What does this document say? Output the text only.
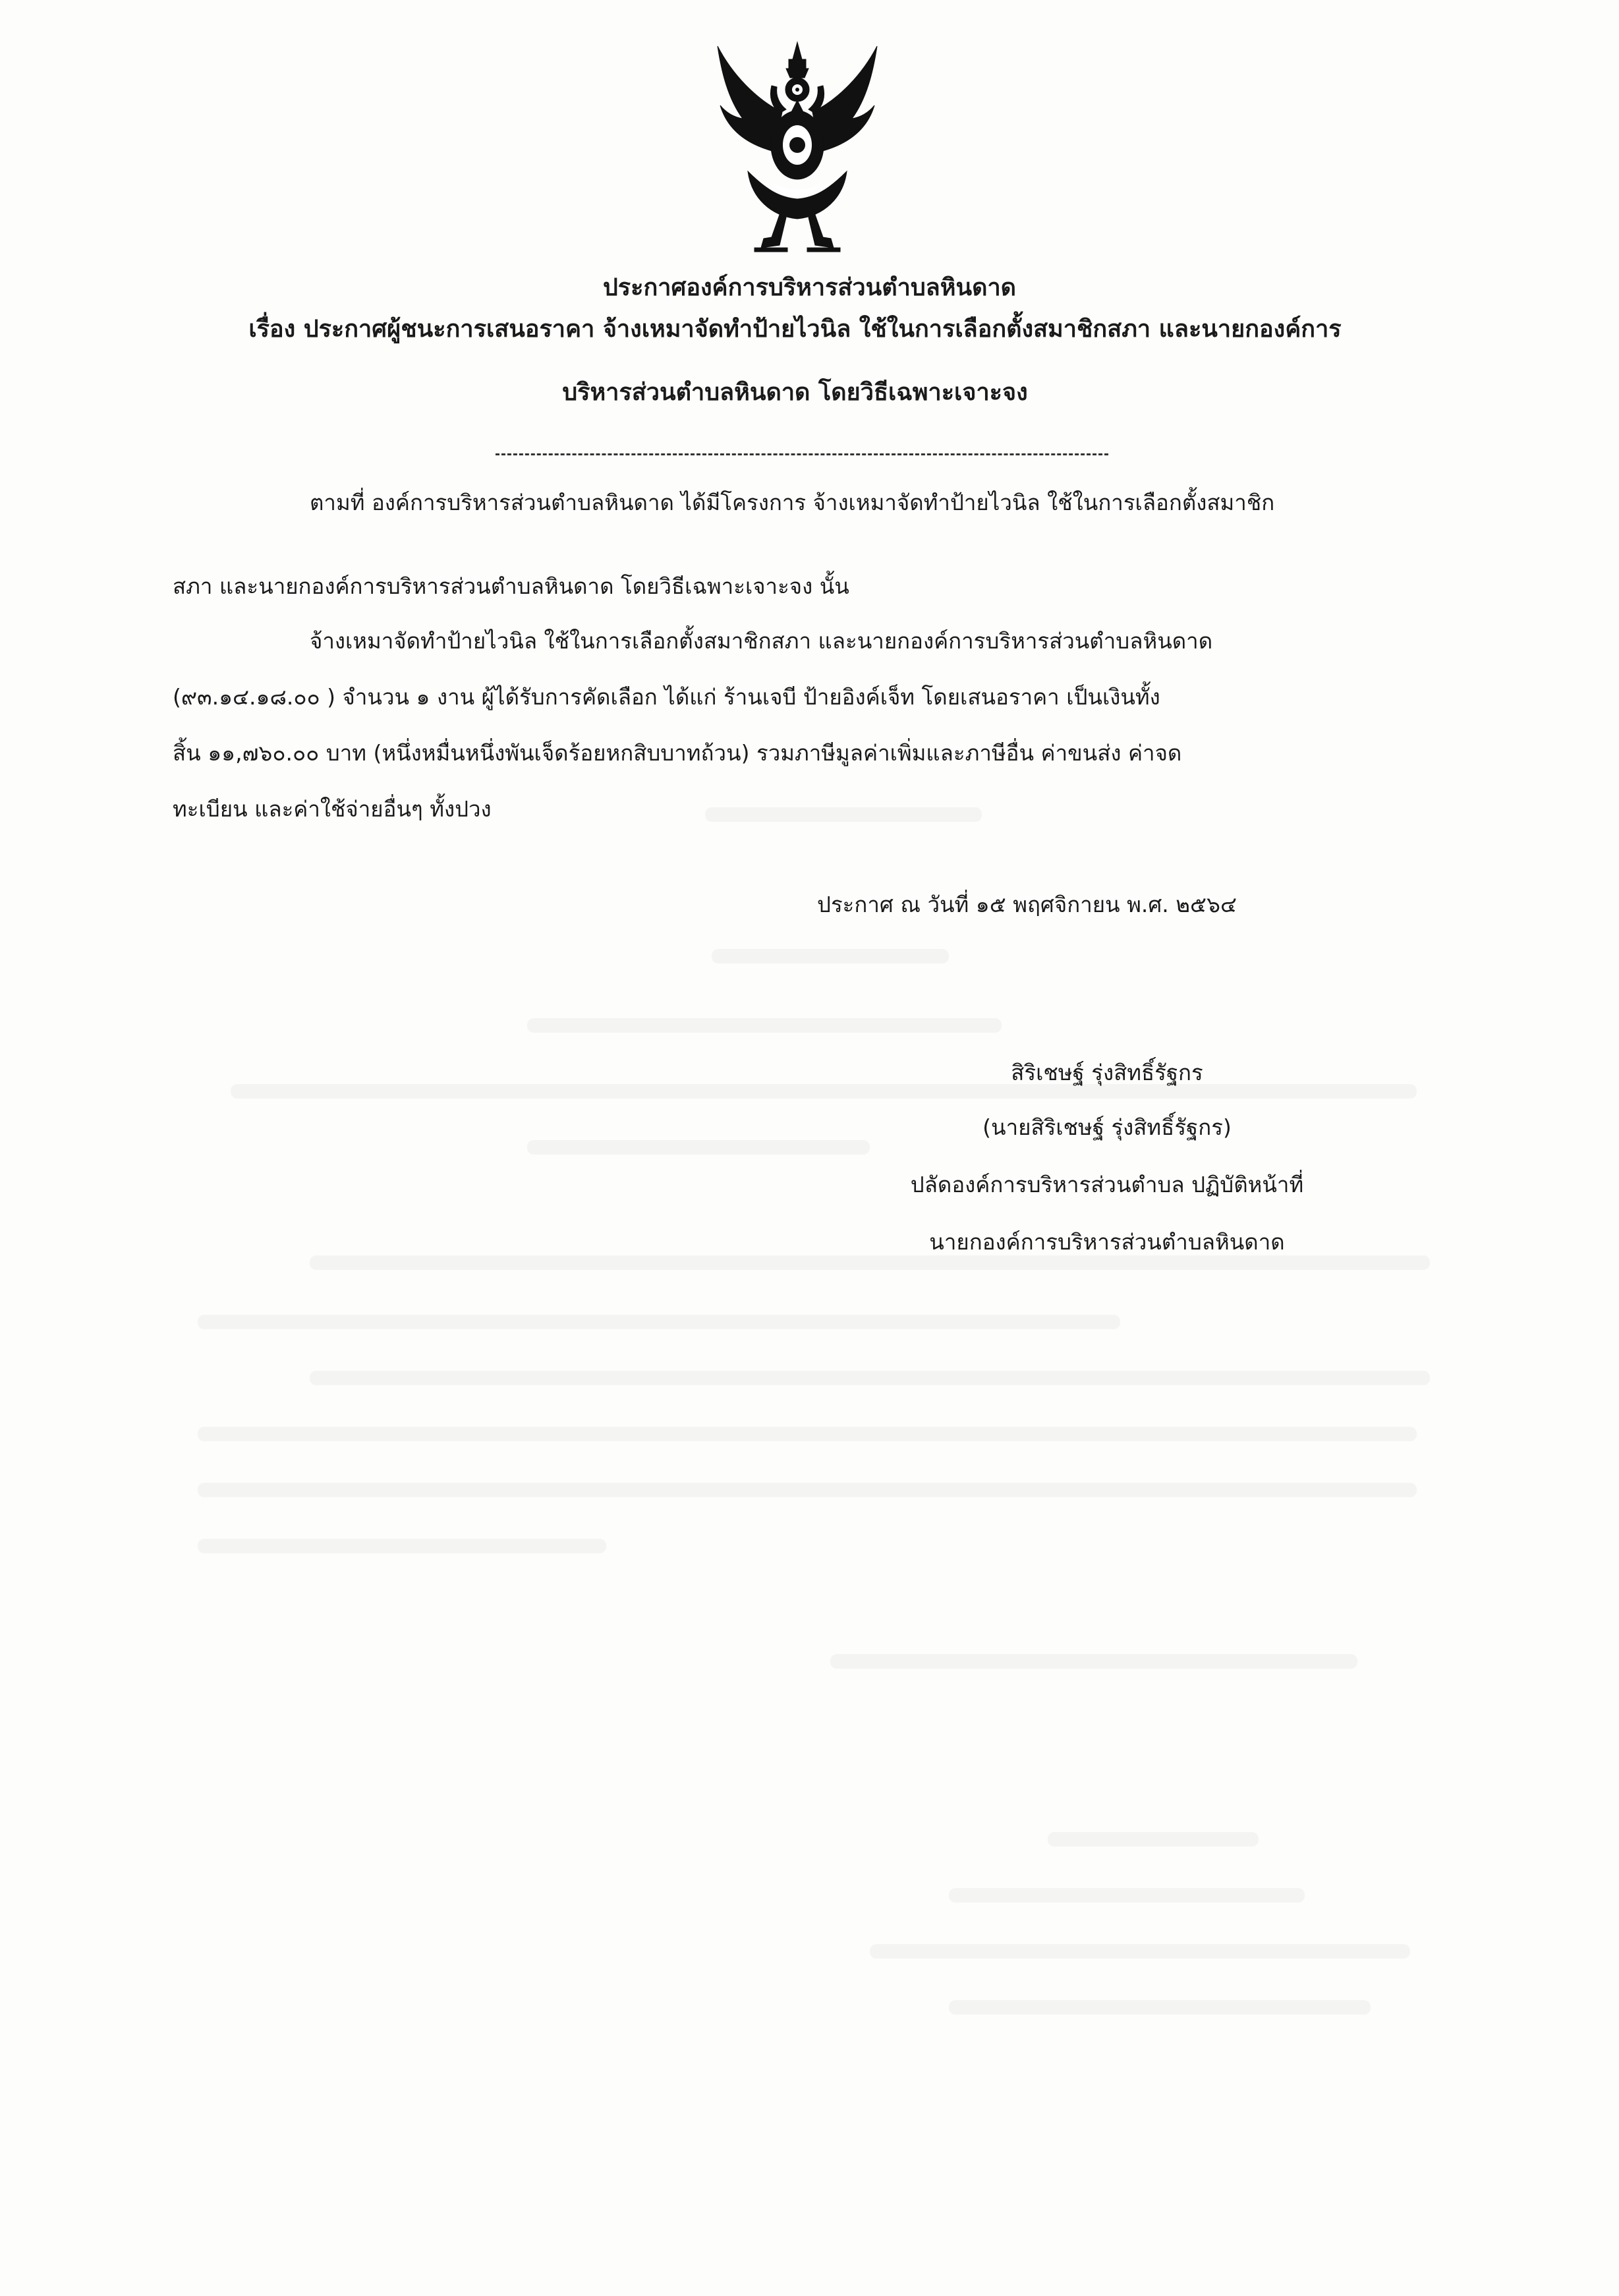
ประกาศองค์การบริหารส่วนตำบลหินดาด
เรื่อง ประกาศผู้ชนะการเสนอราคา จ้างเหมาจัดทำป้ายไวนิล ใช้ในการเลือกตั้งสมาชิกสภา และนายกองค์การ
บริหารส่วนตำบลหินดาด โดยวิธีเฉพาะเจาะจง
ตามที่ องค์การบริหารส่วนตำบลหินดาด ได้มีโครงการ จ้างเหมาจัดทำป้ายไวนิล ใช้ในการเลือกตั้งสมาชิก
สภา และนายกองค์การบริหารส่วนตำบลหินดาด โดยวิธีเฉพาะเจาะจง นั้น
จ้างเหมาจัดทำป้ายไวนิล ใช้ในการเลือกตั้งสมาชิกสภา และนายกองค์การบริหารส่วนตำบลหินดาด
(๙๓.๑๔.๑๘.๐๐ ) จำนวน ๑ งาน ผู้ได้รับการคัดเลือก ได้แก่ ร้านเจบี ป้ายอิงค์เจ็ท โดยเสนอราคา เป็นเงินทั้ง
สิ้น ๑๑,๗๖๐.๐๐ บาท (หนึ่งหมื่นหนึ่งพันเจ็ดร้อยหกสิบบาทถ้วน) รวมภาษีมูลค่าเพิ่มและภาษีอื่น ค่าขนส่ง ค่าจด
ทะเบียน และค่าใช้จ่ายอื่นๆ ทั้งปวง
ประกาศ ณ วันที่ ๑๕ พฤศจิกายน พ.ศ. ๒๕๖๔
สิริเชษฐ์ รุ่งสิทธิ์รัฐกร
(นายสิริเชษฐ์ รุ่งสิทธิ์รัฐกร)
ปลัดองค์การบริหารส่วนตำบล ปฏิบัติหน้าที่
นายกองค์การบริหารส่วนตำบลหินดาด
